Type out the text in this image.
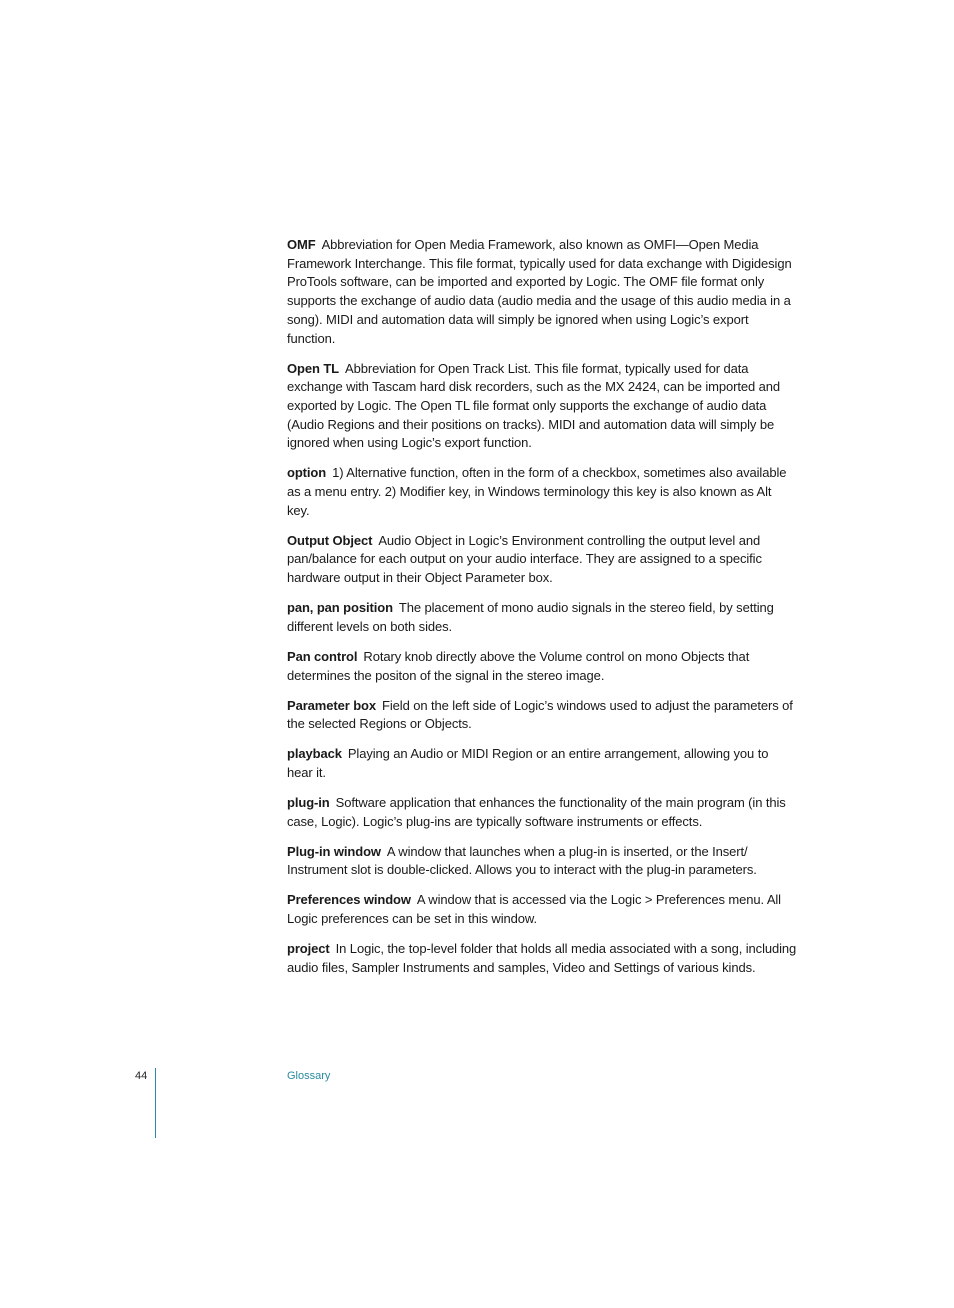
OMF Abbreviation for Open Media Framework, also known as OMFI—Open Media Framework Interchange. This file format, typically used for data exchange with Digidesign ProTools software, can be imported and exported by Logic. The OMF file format only supports the exchange of audio data (audio media and the usage of this audio media in a song). MIDI and automation data will simply be ignored when using Logic’s export function.

Open TL Abbreviation for Open Track List. This file format, typically used for data exchange with Tascam hard disk recorders, such as the MX 2424, can be imported and exported by Logic. The Open TL file format only supports the exchange of audio data (Audio Regions and their positions on tracks). MIDI and automation data will simply be ignored when using Logic’s export function.

option 1) Alternative function, often in the form of a checkbox, sometimes also available as a menu entry. 2) Modifier key, in Windows terminology this key is also known as Alt key.

Output Object Audio Object in Logic’s Environment controlling the output level and pan/balance for each output on your audio interface. They are assigned to a specific hardware output in their Object Parameter box.

pan, pan position The placement of mono audio signals in the stereo field, by setting different levels on both sides.

Pan control Rotary knob directly above the Volume control on mono Objects that determines the positon of the signal in the stereo image.

Parameter box Field on the left side of Logic’s windows used to adjust the parameters of the selected Regions or Objects.

playback Playing an Audio or MIDI Region or an entire arrangement, allowing you to hear it.

plug-in Software application that enhances the functionality of the main program (in this case, Logic). Logic’s plug-ins are typically software instruments or effects.

Plug-in window A window that launches when a plug-in is inserted, or the Insert/ Instrument slot is double-clicked. Allows you to interact with the plug-in parameters.

Preferences window A window that is accessed via the Logic > Preferences menu. All Logic preferences can be set in this window.

project In Logic, the top-level folder that holds all media associated with a song, including audio files, Sampler Instruments and samples, Video and Settings of various kinds.

44	Glossary
